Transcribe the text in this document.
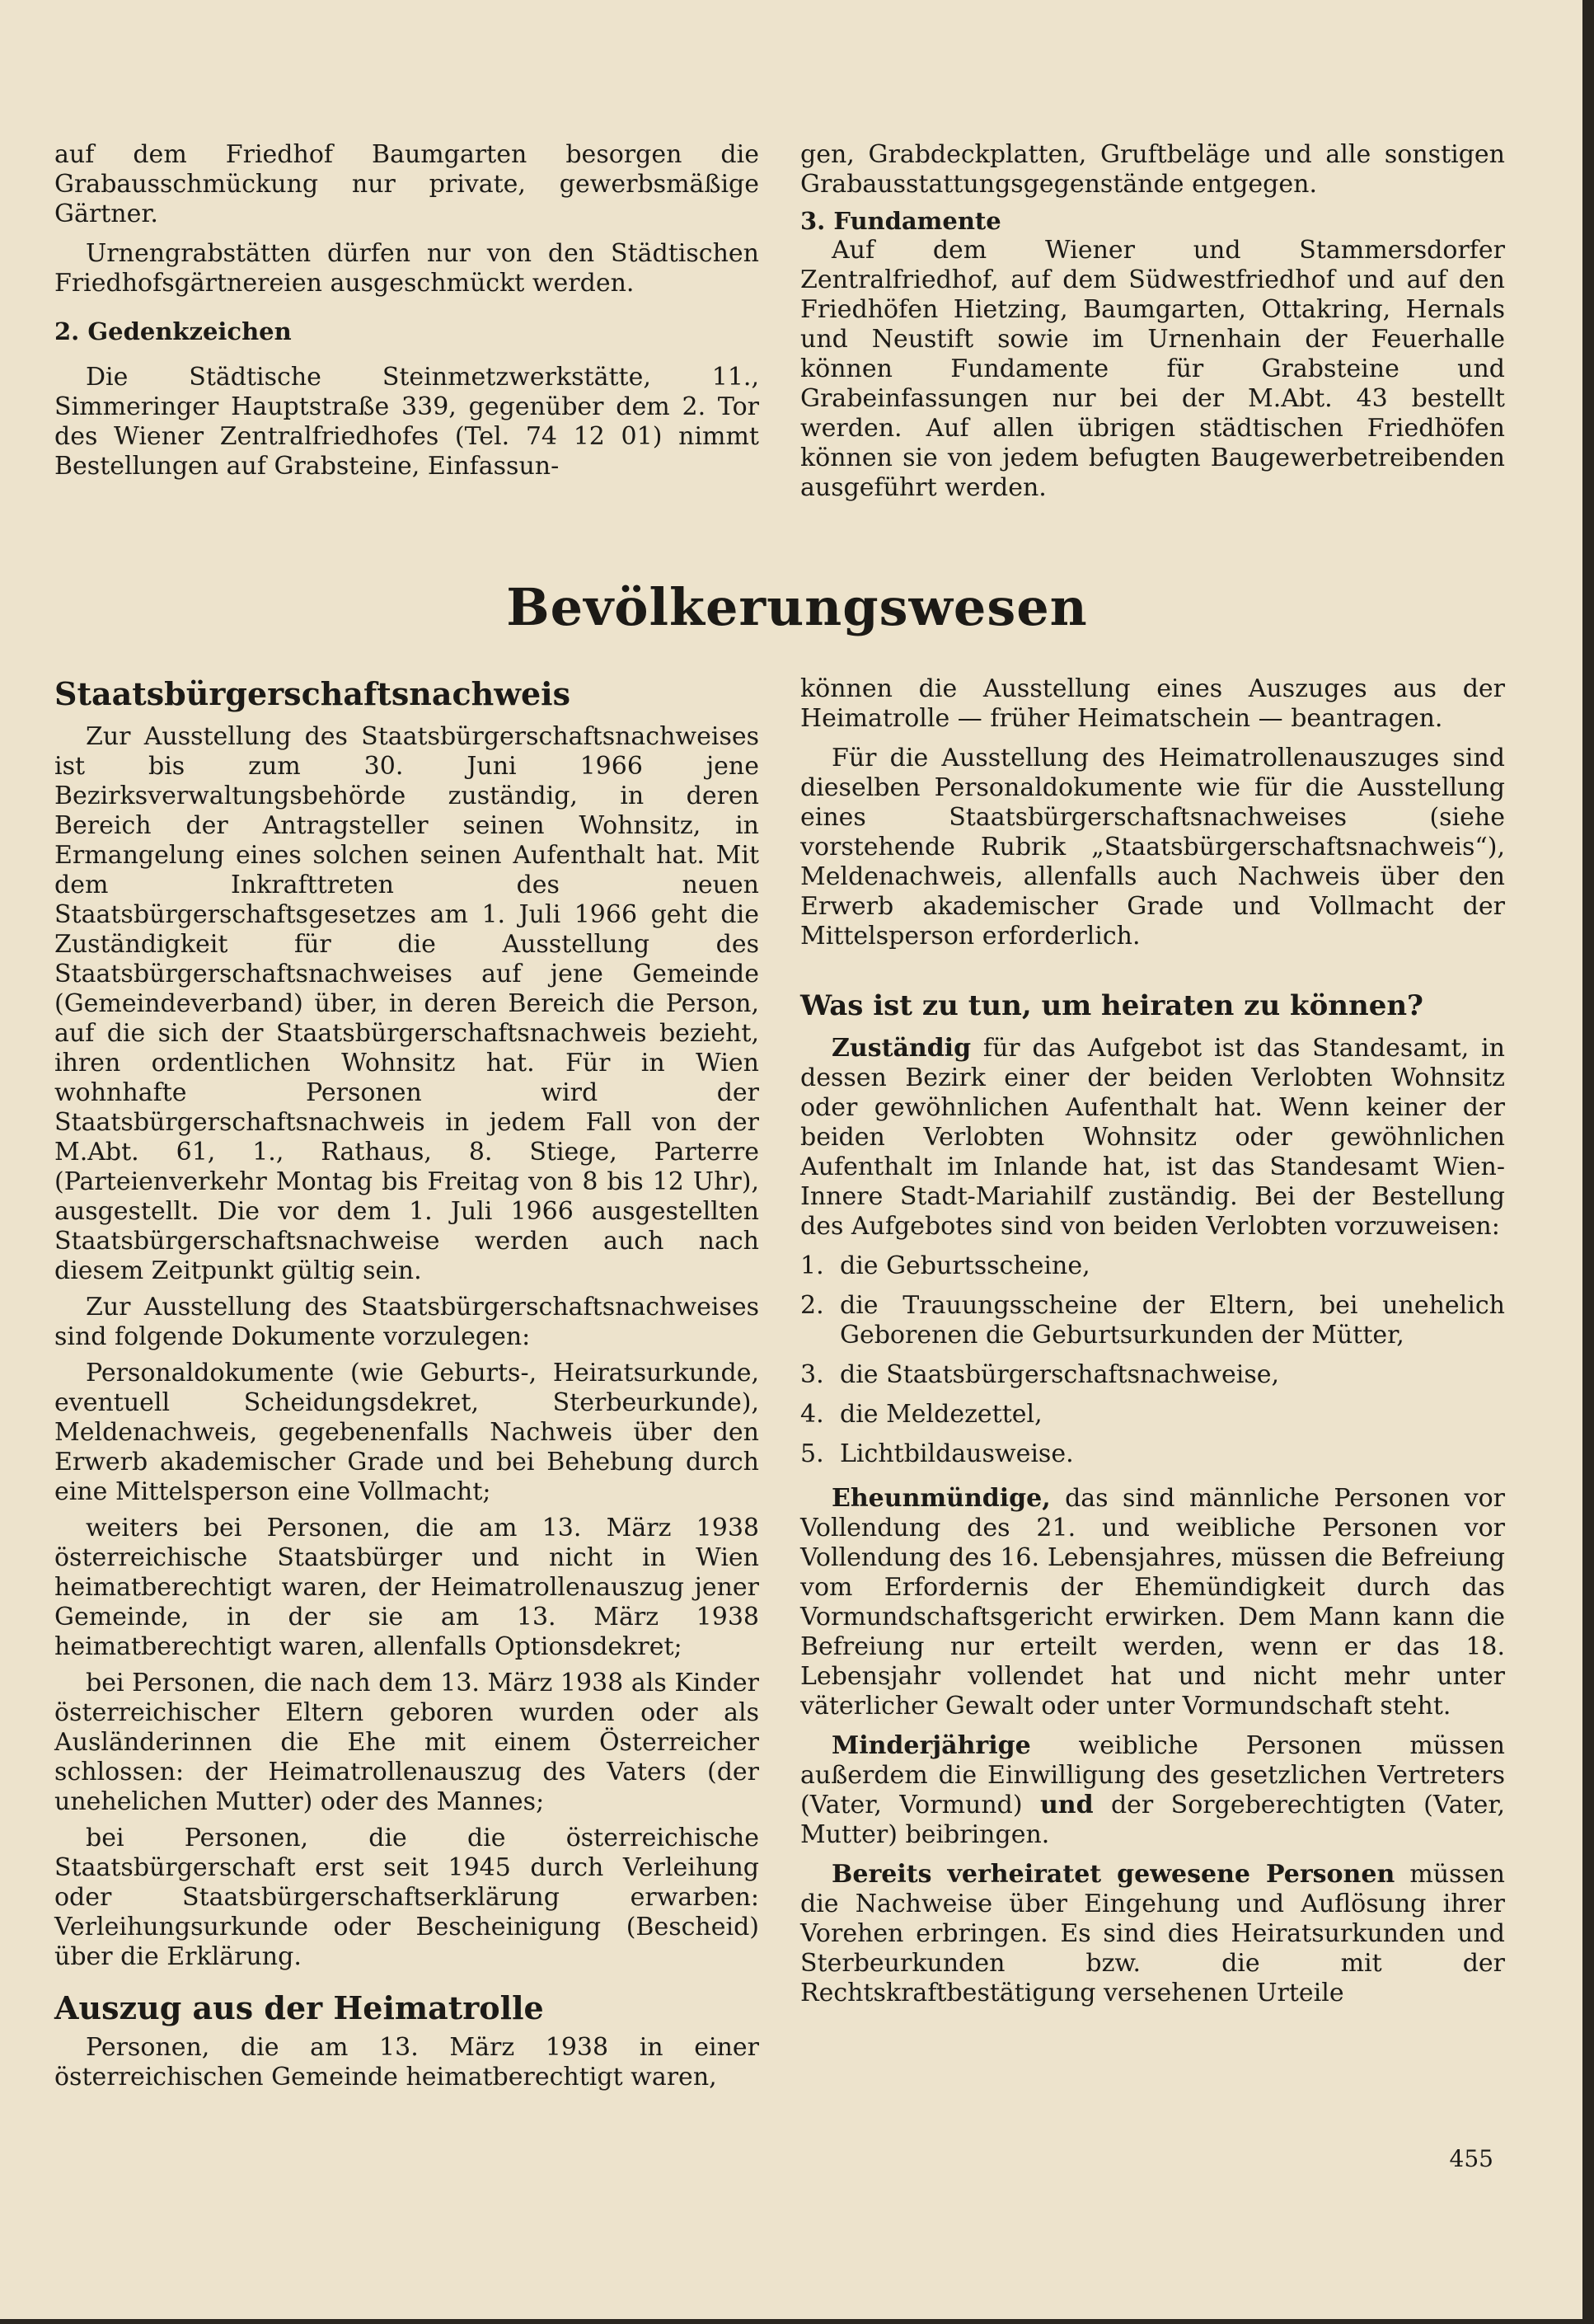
auf dem Friedhof Baumgarten besorgen die Grabausschmückung nur private, gewerbsmäßige Gärtner.

Urnengrabstätten dürfen nur von den Städtischen Friedhofsgärtnereien ausgeschmückt werden.

2. Gedenkzeichen

Die Städtische Steinmetzwerkstätte, 11., Simmeringer Hauptstraße 339, gegenüber dem 2. Tor des Wiener Zentralfriedhofes (Tel. 74 12 01) nimmt Bestellungen auf Grabsteine, Einfassun-

gen, Grabdeckplatten, Gruftbeläge und alle sonstigen Grabausstattungsgegenstände entgegen.

3. Fundamente

Auf dem Wiener und Stammersdorfer Zentralfriedhof, auf dem Südwestfriedhof und auf den Friedhöfen Hietzing, Baumgarten, Ottakring, Hernals und Neustift sowie im Urnenhain der Feuerhalle können Fundamente für Grabsteine und Grabeinfassungen nur bei der M.Abt. 43 bestellt werden. Auf allen übrigen städtischen Friedhöfen können sie von jedem befugten Baugewerbetreibenden ausgeführt werden.

Bevölkerungswesen

Staatsbürgerschaftsnachweis

Zur Ausstellung des Staatsbürgerschaftsnachweises ist bis zum 30. Juni 1966 jene Bezirksverwaltungsbehörde zuständig, in deren Bereich der Antragsteller seinen Wohnsitz, in Ermangelung eines solchen seinen Aufenthalt hat. Mit dem Inkrafttreten des neuen Staatsbürgerschaftsgesetzes am 1. Juli 1966 geht die Zuständigkeit für die Ausstellung des Staatsbürgerschaftsnachweises auf jene Gemeinde (Gemeindeverband) über, in deren Bereich die Person, auf die sich der Staatsbürgerschaftsnachweis bezieht, ihren ordentlichen Wohnsitz hat. Für in Wien wohnhafte Personen wird der Staatsbürgerschaftsnachweis in jedem Fall von der M.Abt. 61, 1., Rathaus, 8. Stiege, Parterre (Parteienverkehr Montag bis Freitag von 8 bis 12 Uhr), ausgestellt. Die vor dem 1. Juli 1966 ausgestellten Staatsbürgerschaftsnachweise werden auch nach diesem Zeitpunkt gültig sein.

Zur Ausstellung des Staatsbürgerschaftsnachweises sind folgende Dokumente vorzulegen:

Personaldokumente (wie Geburts-, Heiratsurkunde, eventuell Scheidungsdekret, Sterbeurkunde), Meldenachweis, gegebenenfalls Nachweis über den Erwerb akademischer Grade und bei Behebung durch eine Mittelsperson eine Vollmacht;

weiters bei Personen, die am 13. März 1938 österreichische Staatsbürger und nicht in Wien heimatberechtigt waren, der Heimatrollenauszug jener Gemeinde, in der sie am 13. März 1938 heimatberechtigt waren, allenfalls Optionsdekret;

bei Personen, die nach dem 13. März 1938 als Kinder österreichischer Eltern geboren wurden oder als Ausländerinnen die Ehe mit einem Österreicher schlossen: der Heimatrollenauszug des Vaters (der unehelichen Mutter) oder des Mannes;

bei Personen, die die österreichische Staatsbürgerschaft erst seit 1945 durch Verleihung oder Staatsbürgerschaftserklärung erwarben: Verleihungsurkunde oder Bescheinigung (Bescheid) über die Erklärung.

Auszug aus der Heimatrolle

Personen, die am 13. März 1938 in einer österreichischen Gemeinde heimatberechtigt waren,

können die Ausstellung eines Auszuges aus der Heimatrolle — früher Heimatschein — beantragen.

Für die Ausstellung des Heimatrollenauszuges sind dieselben Personaldokumente wie für die Ausstellung eines Staatsbürgerschaftsnachweises (siehe vorstehende Rubrik „Staatsbürgerschaftsnachweis“), Meldenachweis, allenfalls auch Nachweis über den Erwerb akademischer Grade und Vollmacht der Mittelsperson erforderlich.

Was ist zu tun, um heiraten zu können?

Zuständig für das Aufgebot ist das Standesamt, in dessen Bezirk einer der beiden Verlobten Wohnsitz oder gewöhnlichen Aufenthalt hat. Wenn keiner der beiden Verlobten Wohnsitz oder gewöhnlichen Aufenthalt im Inlande hat, ist das Standesamt Wien-Innere Stadt-Mariahilf zuständig. Bei der Bestellung des Aufgebotes sind von beiden Verlobten vorzuweisen:

1. die Geburtsscheine,
2. die Trauungsscheine der Eltern, bei unehelich Geborenen die Geburtsurkunden der Mütter,
3. die Staatsbürgerschaftsnachweise,
4. die Meldezettel,
5. Lichtbildausweise.

Eheunmündige, das sind männliche Personen vor Vollendung des 21. und weibliche Personen vor Vollendung des 16. Lebensjahres, müssen die Befreiung vom Erfordernis der Ehemündigkeit durch das Vormundschaftsgericht erwirken. Dem Mann kann die Befreiung nur erteilt werden, wenn er das 18. Lebensjahr vollendet hat und nicht mehr unter väterlicher Gewalt oder unter Vormundschaft steht.

Minderjährige weibliche Personen müssen außerdem die Einwilligung des gesetzlichen Vertreters (Vater, Vormund) und der Sorgeberechtigten (Vater, Mutter) beibringen.

Bereits verheiratet gewesene Personen müssen die Nachweise über Eingehung und Auflösung ihrer Vorehen erbringen. Es sind dies Heiratsurkunden und Sterbeurkunden bzw. die mit der Rechtskraftbestätigung versehenen Urteile

455
